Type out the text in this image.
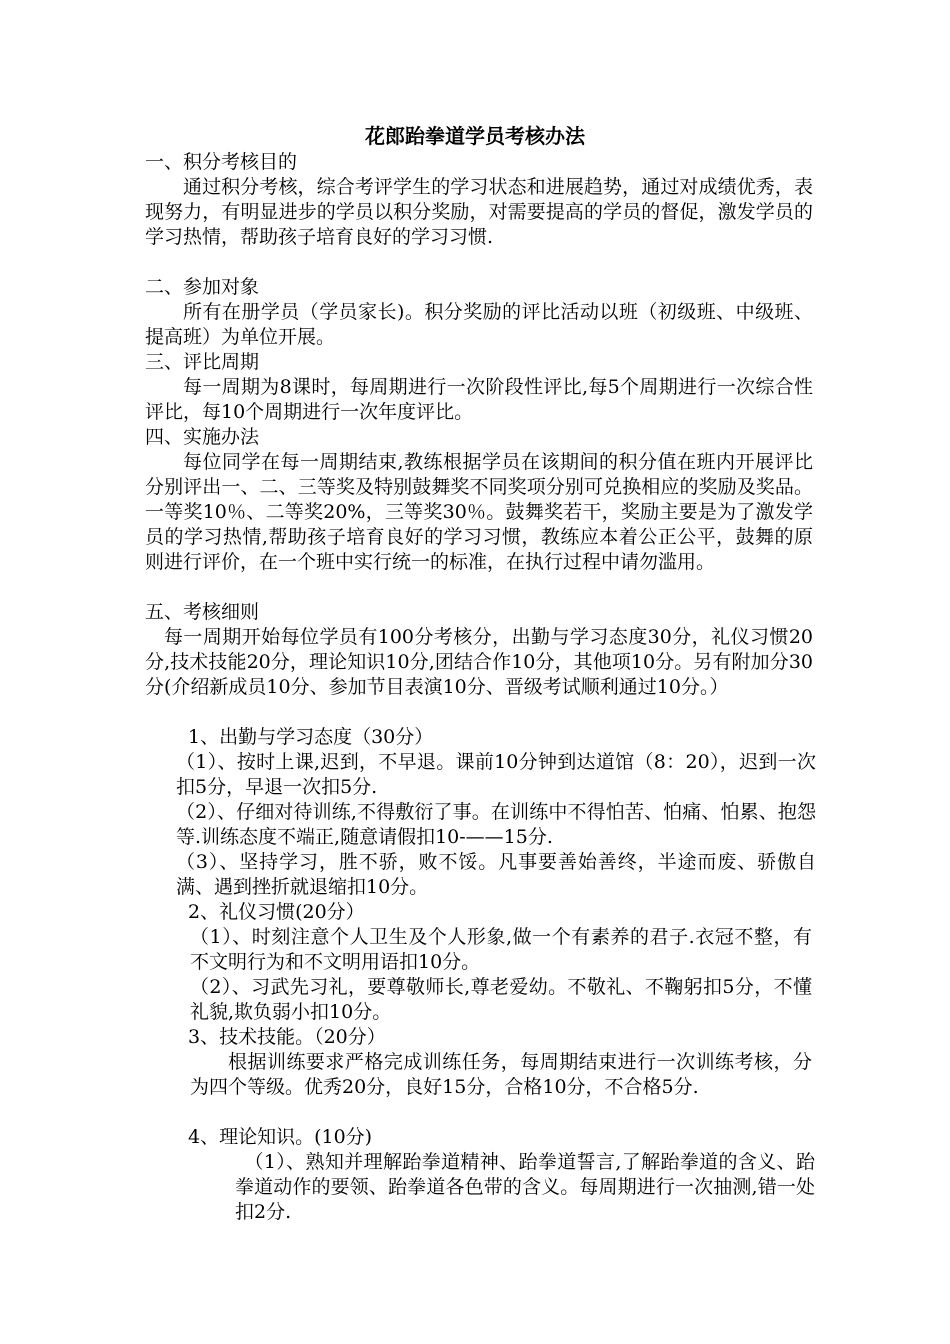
花郎跆拳道学员考核办法
一、积分考核目的

通过积分考核，综合考评学生的学习状态和进展趋势，通过对成绩优秀，表现努力，有明显进步的学员以积分奖励，对需要提高的学员的督促，激发学员的学习热情，帮助孩子培育良好的学习习惯.

二、参加对象

所有在册学员（学员家长)。积分奖励的评比活动以班（初级班、中级班、提高班）为单位开展。

三、评比周期

每一周期为8课时，每周期进行一次阶段性评比,每5个周期进行一次综合性评比，每10个周期进行一次年度评比。

四、实施办法

每位同学在每一周期结束,教练根据学员在该期间的积分值在班内开展评比分别评出一、二、三等奖及特别鼓舞奖不同奖项分别可兑换相应的奖励及奖品。一等奖10％、二等奖20%，三等奖30％。鼓舞奖若干，奖励主要是为了激发学员的学习热情,帮助孩子培育良好的学习习惯，教练应本着公正公平，鼓舞的原则进行评价，在一个班中实行统一的标准，在执行过程中请勿滥用。

五、考核细则

每一周期开始每位学员有100分考核分，出勤与学习态度30分，礼仪习惯20分,技术技能20分，理论知识10分,团结合作10分，其他项10分。另有附加分30分(介绍新成员10分、参加节目表演10分、晋级考试顺利通过10分。）

1、出勤与学习态度（30分）

（1）、按时上课,迟到，不早退。课前10分钟到达道馆（8：20），迟到一次扣5分，早退一次扣5分.

（2）、仔细对待训练,不得敷衍了事。在训练中不得怕苦、怕痛、怕累、抱怨等.训练态度不端正,随意请假扣10-——15分.

（3）、坚持学习，胜不骄，败不馁。凡事要善始善终，半途而废、骄傲自满、遇到挫折就退缩扣10分。

2、礼仪习惯(20分）

（1）、时刻注意个人卫生及个人形象,做一个有素养的君子.衣冠不整，有不文明行为和不文明用语扣10分。

（2）、习武先习礼，要尊敬师长,尊老爱幼。不敬礼、不鞠躬扣5分，不懂礼貌,欺负弱小扣10分。

3、技术技能。（20分）

根据训练要求严格完成训练任务，每周期结束进行一次训练考核，分为四个等级。优秀20分，良好15分，合格10分，不合格5分.

4、理论知识。(10分)

（1）、熟知并理解跆拳道精神、跆拳道誓言,了解跆拳道的含义、跆拳道动作的要领、跆拳道各色带的含义。每周期进行一次抽测,错一处扣2分.
